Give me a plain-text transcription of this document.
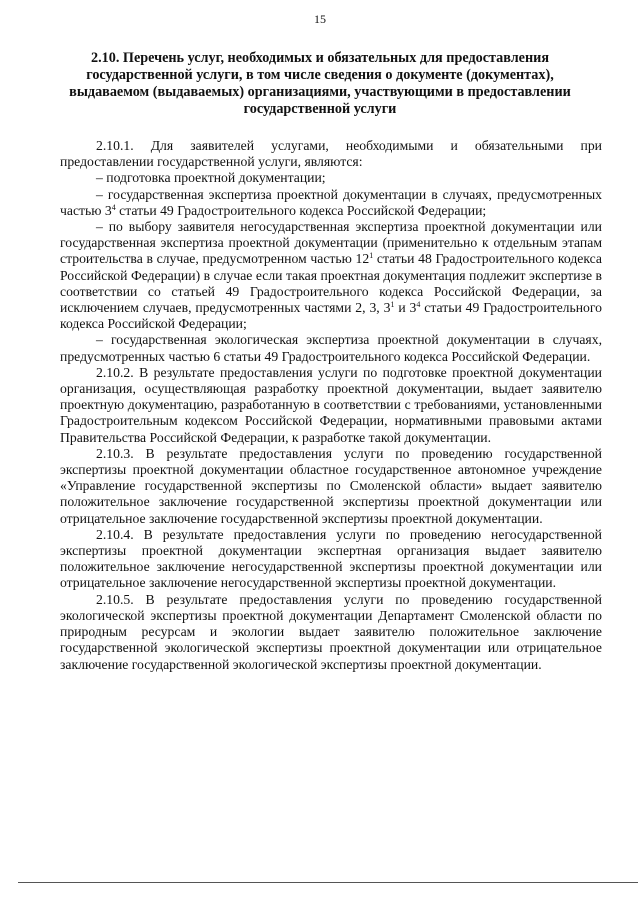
15
2.10. Перечень услуг, необходимых и обязательных для предоставления государственной услуги, в том числе сведения о документе (документах), выдаваемом (выдаваемых) организациями, участвующими в предоставлении государственной услуги

2.10.1. Для заявителей услугами, необходимыми и обязательными при предоставлении государственной услуги, являются:

– подготовка проектной документации;

– государственная экспертиза проектной документации в случаях, предусмотренных частью $3^4$ статьи 49 Градостроительного кодекса Российской Федерации;

– по выбору заявителя негосударственная экспертиза проектной документации или государственная экспертиза проектной документации (применительно к отдельным этапам строительства в случае, предусмотренном частью $12^1$ статьи 48 Градостроительного кодекса Российской Федерации) в случае если такая проектная документация подлежит экспертизе в соответствии со статьей 49 Градостроительного кодекса Российской Федерации, за исключением случаев, предусмотренных частями 2, 3, $3^1$ и $3^4$ статьи 49 Градостроительного кодекса Российской Федерации;

– государственная экологическая экспертиза проектной документации в случаях, предусмотренных частью 6 статьи 49 Градостроительного кодекса Российской Федерации.

2.10.2. В результате предоставления услуги по подготовке проектной документации организация, осуществляющая разработку проектной документации, выдает заявителю проектную документацию, разработанную в соответствии с требованиями, установленными Градостроительным кодексом Российской Федерации, нормативными правовыми актами Правительства Российской Федерации, к разработке такой документации.

2.10.3. В результате предоставления услуги по проведению государственной экспертизы проектной документации областное государственное автономное учреждение «Управление государственной экспертизы по Смоленской области» выдает заявителю положительное заключение государственной экспертизы проектной документации или отрицательное заключение государственной экспертизы проектной документации.

2.10.4. В результате предоставления услуги по проведению негосударственной экспертизы проектной документации экспертная организация выдает заявителю положительное заключение негосударственной экспертизы проектной документации или отрицательное заключение негосударственной экспертизы проектной документации.

2.10.5. В результате предоставления услуги по проведению государственной экологической экспертизы проектной документации Департамент Смоленской области по природным ресурсам и экологии выдает заявителю положительное заключение государственной экологической экспертизы проектной документации или отрицательное заключение государственной экологической экспертизы проектной документации.
